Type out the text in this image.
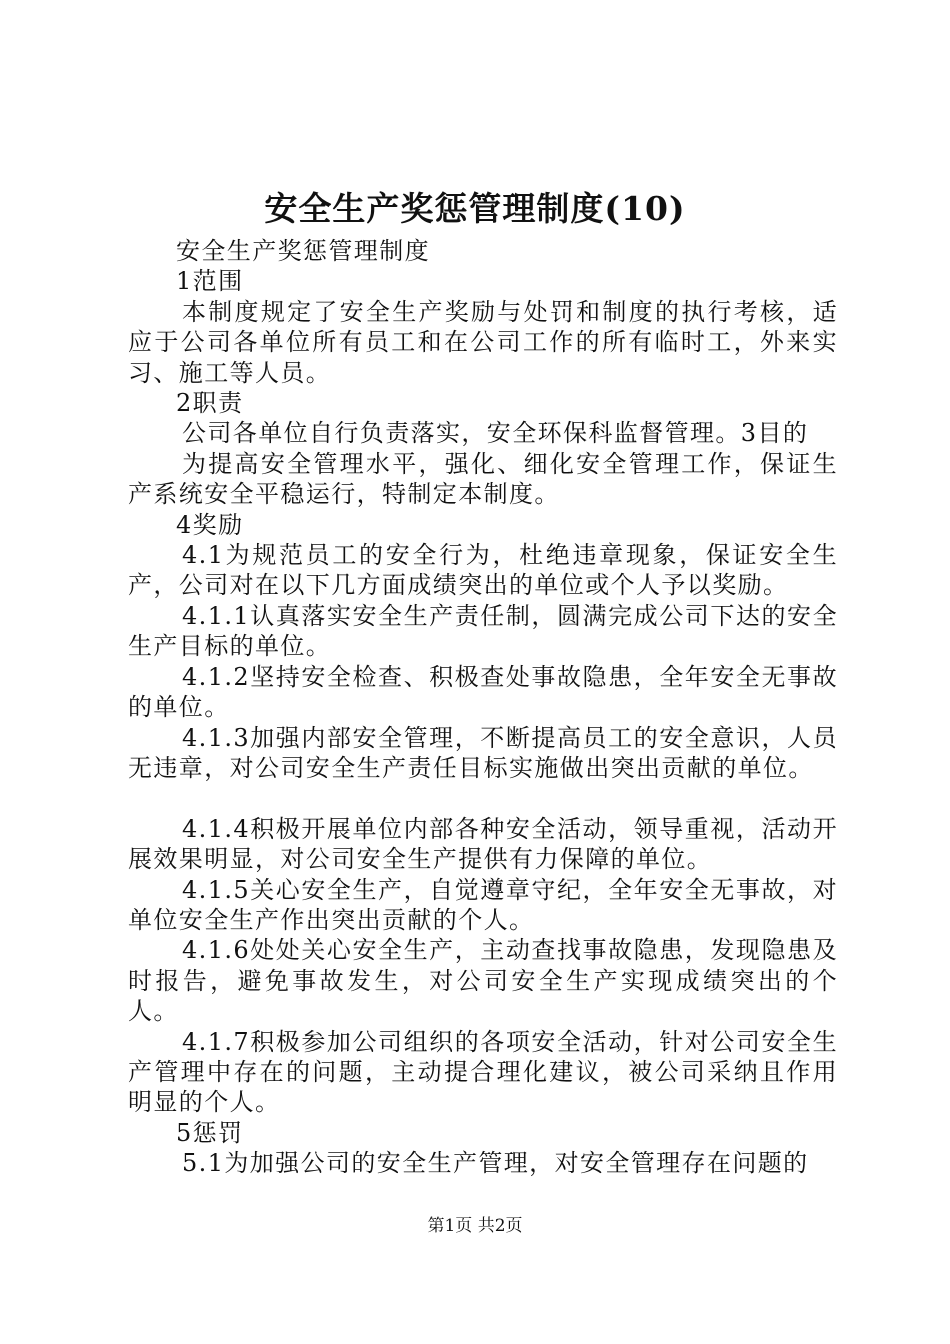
安全生产奖惩管理制度(10)

安全生产奖惩管理制度

1范围

本制度规定了安全生产奖励与处罚和制度的执行考核，适应于公司各单位所有员工和在公司工作的所有临时工，外来实习、施工等人员。

2职责

公司各单位自行负责落实，安全环保科监督管理。3目的

为提高安全管理水平，强化、细化安全管理工作，保证生产系统安全平稳运行，特制定本制度。

4奖励

4.1为规范员工的安全行为，杜绝违章现象，保证安全生产，公司对在以下几方面成绩突出的单位或个人予以奖励。

4.1.1认真落实安全生产责任制，圆满完成公司下达的安全生产目标的单位。

4.1.2坚持安全检查、积极查处事故隐患，全年安全无事故的单位。

4.1.3加强内部安全管理，不断提高员工的安全意识，人员无违章，对公司安全生产责任目标实施做出突出贡献的单位。

4.1.4积极开展单位内部各种安全活动，领导重视，活动开展效果明显，对公司安全生产提供有力保障的单位。

4.1.5关心安全生产，自觉遵章守纪，全年安全无事故，对单位安全生产作出突出贡献的个人。

4.1.6处处关心安全生产，主动查找事故隐患，发现隐患及时报告，避免事故发生，对公司安全生产实现成绩突出的个人。

4.1.7积极参加公司组织的各项安全活动，针对公司安全生产管理中存在的问题，主动提合理化建议，被公司采纳且作用明显的个人。

5惩罚

5.1为加强公司的安全生产管理，对安全管理存在问题的

第1页 共2页
